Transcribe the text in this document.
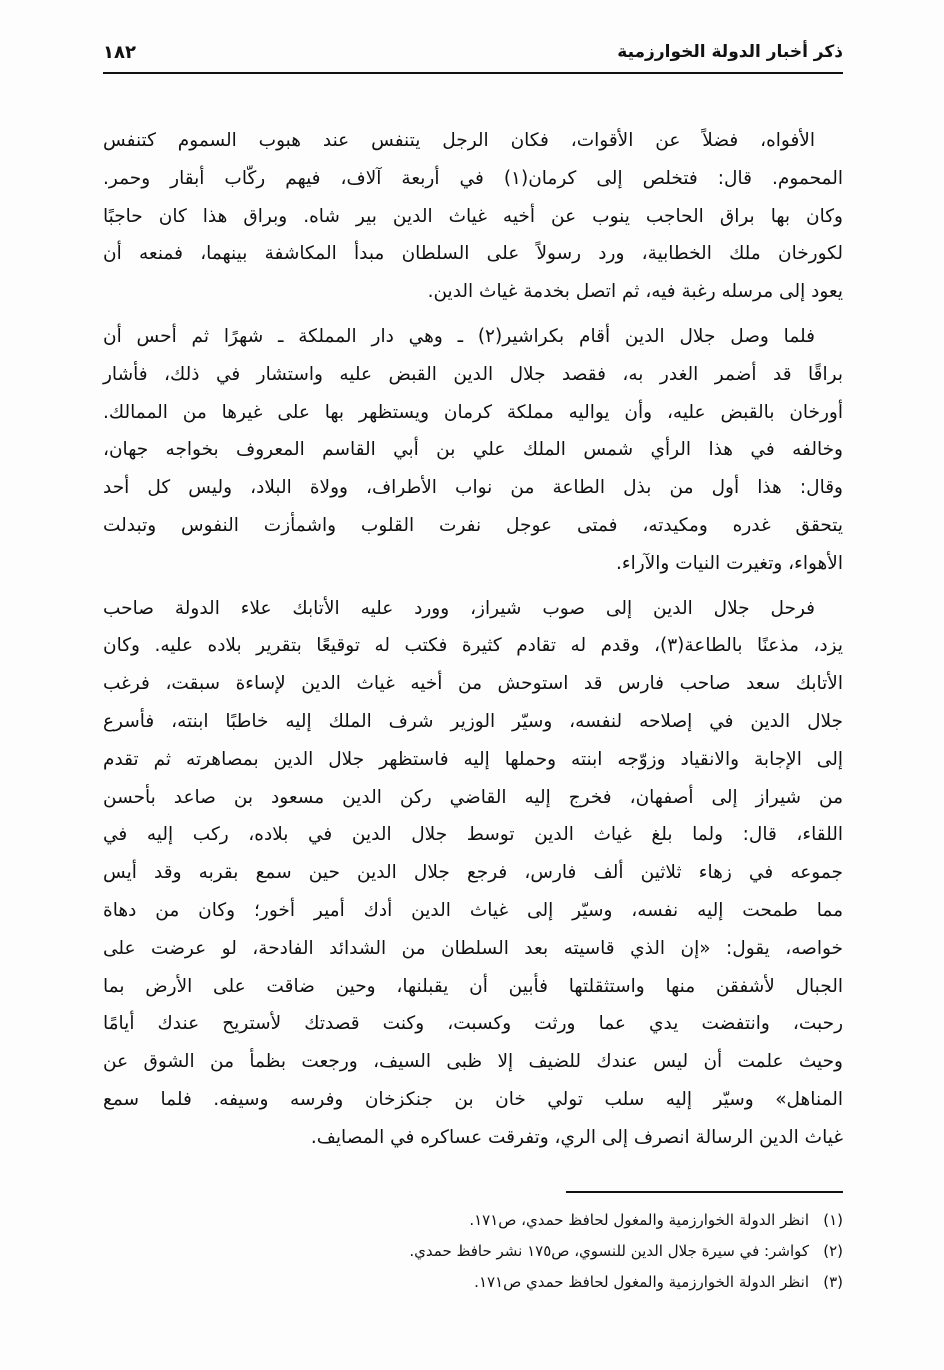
ذكر أخبار الدولة الخوارزمية
١٨٢
الأفواه، فضلاً عن الأقوات، فكان الرجل يتنفس عند هبوب السموم كتنفس
المحموم. قال: فتخلص إلى كرمان(١) في أربعة آلاف، فيهم ركّاب أبقار وحمر.
وكان بها براق الحاجب ينوب عن أخيه غياث الدين بير شاه. وبراق هذا كان حاجبًا
لكورخان ملك الخطابية، ورد رسولاً على السلطان مبدأ المكاشفة بينهما، فمنعه أن
يعود إلى مرسله رغبة فيه، ثم اتصل بخدمة غياث الدين.
فلما وصل جلال الدين أقام بكراشير(٢) ـ وهي دار المملكة ـ شهرًا ثم أحس أن
براقًا قد أضمر الغدر به، فقصد جلال الدين القبض عليه واستشار في ذلك، فأشار
أورخان بالقبض عليه، وأن يواليه مملكة كرمان ويستظهر بها على غيرها من الممالك.
وخالفه في هذا الرأي شمس الملك علي بن أبي القاسم المعروف بخواجه جهان،
وقال: هذا أول من بذل الطاعة من نواب الأطراف، وولاة البلاد، وليس كل أحد
يتحقق غدره ومكيدته، فمتى عوجل نفرت القلوب واشمأزت النفوس وتبدلت
الأهواء، وتغيرت النيات والآراء.
فرحل جلال الدين إلى صوب شيراز، وورد عليه الأتابك علاء الدولة صاحب
يزد، مذعنًا بالطاعة(٣)، وقدم له تقادم كثيرة فكتب له توقيعًا بتقرير بلاده عليه. وكان
الأتابك سعد صاحب فارس قد استوحش من أخيه غياث الدين لإساءة سبقت، فرغب
جلال الدين في إصلاحه لنفسه، وسيّر الوزير شرف الملك إليه خاطبًا ابنته، فأسرع
إلى الإجابة والانقياد وزوّجه ابنته وحملها إليه فاستظهر جلال الدين بمصاهرته ثم تقدم
من شيراز إلى أصفهان، فخرج إليه القاضي ركن الدين مسعود بن صاعد بأحسن
اللقاء، قال: ولما بلغ غياث الدين توسط جلال الدين في بلاده، ركب إليه في
جموعه في زهاء ثلاثين ألف فارس، فرجع جلال الدين حين سمع بقربه وقد أيس
مما طمحت إليه نفسه، وسيّر إلى غياث الدين أدك أمير أخور؛ وكان من دهاة
خواصه، يقول: «إن الذي قاسيته بعد السلطان من الشدائد الفادحة، لو عرضت على
الجبال لأشفقن منها واستثقلتها فأبين أن يقبلنها، وحين ضاقت على الأرض بما
رحبت، وانتفضت يدي عما ورثت وكسبت، وكنت قصدتك لأستريح عندك أيامًا
وحيث علمت أن ليس عندك للضيف إلا ظبى السيف، ورجعت بظمأ من الشوق عن
المناهل» وسيّر إليه سلب تولي خان بن جنكزخان وفرسه وسيفه. فلما سمع
غياث الدين الرسالة انصرف إلى الري، وتفرقت عساكره في المصايف.
(١)انظر الدولة الخوارزمية والمغول لحافظ حمدي، ص١٧١.
(٢)كواشر: في سيرة جلال الدين للنسوي، ص١٧٥ نشر حافظ حمدي.
(٣)انظر الدولة الخوارزمية والمغول لحافظ حمدي ص١٧١.
